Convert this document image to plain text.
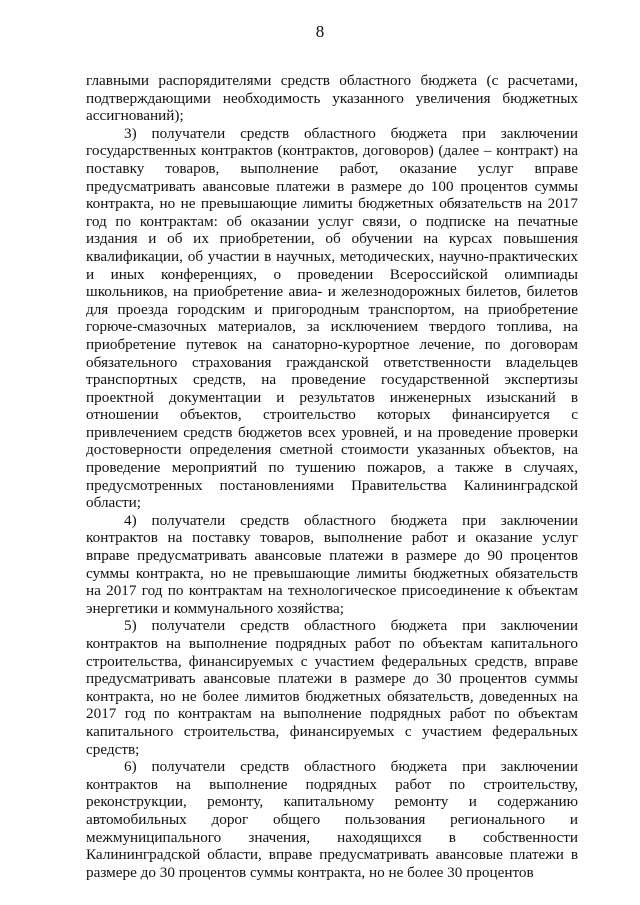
8

главными распорядителями средств областного бюджета (с расчетами, подтверждающими необходимость указанного увеличения бюджетных ассигнований);

3) получатели средств областного бюджета при заключении государственных контрактов (контрактов, договоров) (далее – контракт) на поставку товаров, выполнение работ, оказание услуг вправе предусматривать авансовые платежи в размере до 100 процентов суммы контракта, но не превышающие лимиты бюджетных обязательств на 2017 год по контрактам: об оказании услуг связи, о подписке на печатные издания и об их приобретении, об обучении на курсах повышения квалификации, об участии в научных, методических, научно-практических и иных конференциях, о проведении Всероссийской олимпиады школьников, на приобретение авиа- и железнодорожных билетов, билетов для проезда городским и пригородным транспортом, на приобретение горюче-смазочных материалов, за исключением твердого топлива, на приобретение путевок на санаторно-курортное лечение, по договорам обязательного страхования гражданской ответственности владельцев транспортных средств, на проведение государственной экспертизы проектной документации и результатов инженерных изысканий в отношении объектов, строительство которых финансируется с привлечением средств бюджетов всех уровней, и на проведение проверки достоверности определения сметной стоимости указанных объектов, на проведение мероприятий по тушению пожаров, а также в случаях, предусмотренных постановлениями Правительства Калининградской области;

4) получатели средств областного бюджета при заключении контрактов на поставку товаров, выполнение работ и оказание услуг вправе предусматривать авансовые платежи в размере до 90 процентов суммы контракта, но не превышающие лимиты бюджетных обязательств на 2017 год по контрактам на технологическое присоединение к объектам энергетики и коммунального хозяйства;

5) получатели средств областного бюджета при заключении контрактов на выполнение подрядных работ по объектам капитального строительства, финансируемых с участием федеральных средств, вправе предусматривать авансовые платежи в размере до 30 процентов суммы контракта, но не более лимитов бюджетных обязательств, доведенных на 2017 год по контрактам на выполнение подрядных работ по объектам капитального строительства, финансируемых с участием федеральных средств;

6) получатели средств областного бюджета при заключении контрактов на выполнение подрядных работ по строительству, реконструкции, ремонту, капитальному ремонту и содержанию автомобильных дорог общего пользования регионального и межмуниципального значения, находящихся в собственности Калининградской области, вправе предусматривать авансовые платежи в размере до 30 процентов суммы контракта, но не более 30 процентов
